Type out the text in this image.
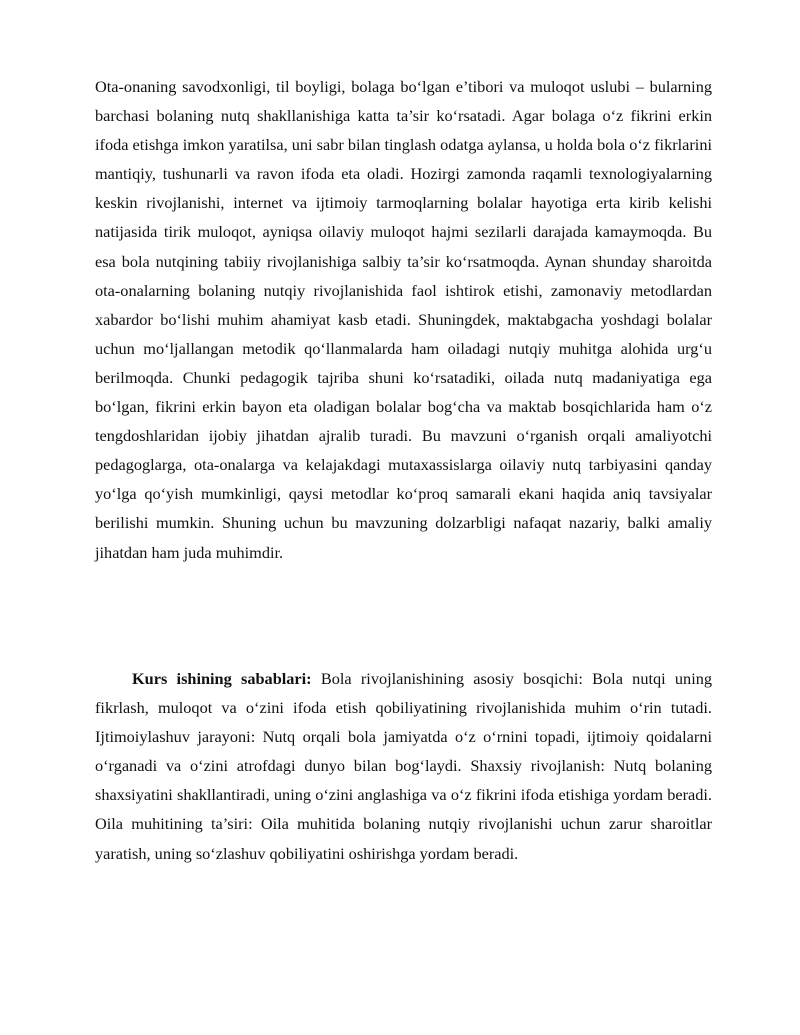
Ota-onaning savodxonligi, til boyligi, bolaga bo‘lgan e’tibori va muloqot uslubi – bularning barchasi bolaning nutq shakllanishiga katta ta’sir ko‘rsatadi. Agar bolaga o‘z fikrini erkin ifoda etishga imkon yaratilsa, uni sabr bilan tinglash odatga aylansa, u holda bola o‘z fikrlarini mantiqiy, tushunarli va ravon ifoda eta oladi. Hozirgi zamonda raqamli texnologiyalarning keskin rivojlanishi, internet va ijtimoiy tarmoqlarning bolalar hayotiga erta kirib kelishi natijasida tirik muloqot, ayniqsa oilaviy muloqot hajmi sezilarli darajada kamaymoqda. Bu esa bola nutqining tabiiy rivojlanishiga salbiy ta’sir ko‘rsatmoqda. Aynan shunday sharoitda ota-onalarning bolaning nutqiy rivojlanishida faol ishtirok etishi, zamonaviy metodlardan xabardor bo‘lishi muhim ahamiyat kasb etadi. Shuningdek, maktabgacha yoshdagi bolalar uchun mo‘ljallangan metodik qo‘llanmalarda ham oiladagi nutqiy muhitga alohida urg‘u berilmoqda. Chunki pedagogik tajriba shuni ko‘rsatadiki, oilada nutq madaniyatiga ega bo‘lgan, fikrini erkin bayon eta oladigan bolalar bog‘cha va maktab bosqichlarida ham o‘z tengdoshlaridan ijobiy jihatdan ajralib turadi. Bu mavzuni o‘rganish orqali amaliyotchi pedagoglarga, ota-onalarga va kelajakdagi mutaxassislarga oilaviy nutq tarbiyasini qanday yo‘lga qo‘yish mumkinligi, qaysi metodlar ko‘proq samarali ekani haqida aniq tavsiyalar berilishi mumkin. Shuning uchun bu mavzuning dolzarbligi nafaqat nazariy, balki amaliy jihatdan ham juda muhimdir.

Kurs ishining sabablari: Bola rivojlanishining asosiy bosqichi: Bola nutqi uning fikrlash, muloqot va o‘zini ifoda etish qobiliyatining rivojlanishida muhim o‘rin tutadi. Ijtimoiylashuv jarayoni: Nutq orqali bola jamiyatda o‘z o‘rnini topadi, ijtimoiy qoidalarni o‘rganadi va o‘zini atrofdagi dunyo bilan bog‘laydi. Shaxsiy rivojlanish: Nutq bolaning shaxsiyatini shakllantiradi, uning o‘zini anglashiga va o‘z fikrini ifoda etishiga yordam beradi. Oila muhitining ta’siri: Oila muhitida bolaning nutqiy rivojlanishi uchun zarur sharoitlar yaratish, uning so‘zlashuv qobiliyatini oshirishga yordam beradi.
